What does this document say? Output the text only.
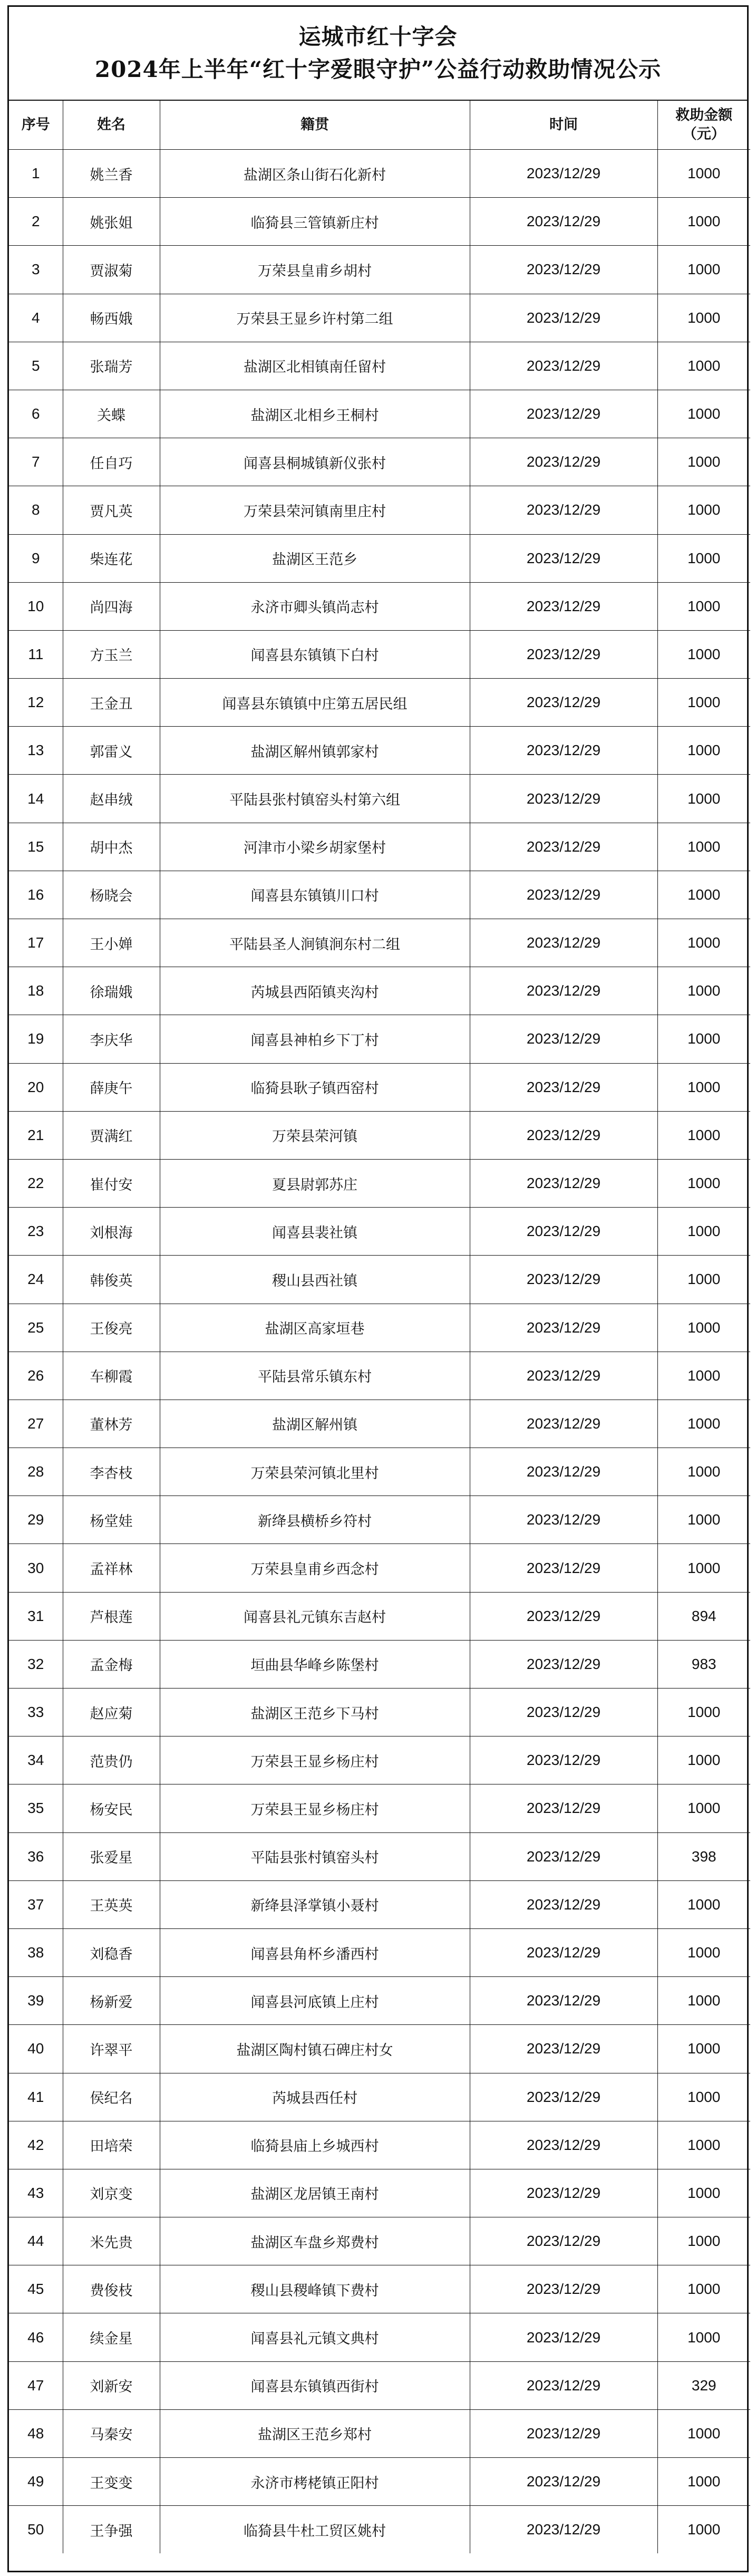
运城市红十字会
2024年上半年“红十字爱眼守护”公益行动救助情况公示
序号	姓名	籍贯	时间	救助金额
（元）
1	姚兰香	盐湖区条山街石化新村	2023/12/29	1000
2	姚张姐	临猗县三管镇新庄村	2023/12/29	1000
3	贾淑菊	万荣县皇甫乡胡村	2023/12/29	1000
4	畅西娥	万荣县王显乡许村第二组	2023/12/29	1000
5	张瑞芳	盐湖区北相镇南任留村	2023/12/29	1000
6	关蝶	盐湖区北相乡王桐村	2023/12/29	1000
7	任自巧	闻喜县桐城镇新仪张村	2023/12/29	1000
8	贾凡英	万荣县荣河镇南里庄村	2023/12/29	1000
9	柴连花	盐湖区王范乡	2023/12/29	1000
10	尚四海	永济市卿头镇尚志村	2023/12/29	1000
11	方玉兰	闻喜县东镇镇下白村	2023/12/29	1000
12	王金丑	闻喜县东镇镇中庄第五居民组	2023/12/29	1000
13	郭雷义	盐湖区解州镇郭家村	2023/12/29	1000
14	赵串绒	平陆县张村镇窑头村第六组	2023/12/29	1000
15	胡中杰	河津市小梁乡胡家堡村	2023/12/29	1000
16	杨晓会	闻喜县东镇镇川口村	2023/12/29	1000
17	王小婵	平陆县圣人涧镇涧东村二组	2023/12/29	1000
18	徐瑞娥	芮城县西陌镇夹沟村	2023/12/29	1000
19	李庆华	闻喜县神柏乡下丁村	2023/12/29	1000
20	薛庚午	临猗县耿子镇西窑村	2023/12/29	1000
21	贾满红	万荣县荣河镇	2023/12/29	1000
22	崔付安	夏县尉郭苏庄	2023/12/29	1000
23	刘根海	闻喜县裴社镇	2023/12/29	1000
24	韩俊英	稷山县西社镇	2023/12/29	1000
25	王俊亮	盐湖区高家垣巷	2023/12/29	1000
26	车柳霞	平陆县常乐镇东村	2023/12/29	1000
27	董林芳	盐湖区解州镇	2023/12/29	1000
28	李杏枝	万荣县荣河镇北里村	2023/12/29	1000
29	杨堂娃	新绛县横桥乡符村	2023/12/29	1000
30	孟祥林	万荣县皇甫乡西念村	2023/12/29	1000
31	芦根莲	闻喜县礼元镇东吉赵村	2023/12/29	894
32	孟金梅	垣曲县华峰乡陈堡村	2023/12/29	983
33	赵应菊	盐湖区王范乡下马村	2023/12/29	1000
34	范贵仍	万荣县王显乡杨庄村	2023/12/29	1000
35	杨安民	万荣县王显乡杨庄村	2023/12/29	1000
36	张爱星	平陆县张村镇窑头村	2023/12/29	398
37	王英英	新绛县泽掌镇小聂村	2023/12/29	1000
38	刘稳香	闻喜县角杯乡潘西村	2023/12/29	1000
39	杨新爱	闻喜县河底镇上庄村	2023/12/29	1000
40	许翠平	盐湖区陶村镇石碑庄村女	2023/12/29	1000
41	侯纪名	芮城县西任村	2023/12/29	1000
42	田培荣	临猗县庙上乡城西村	2023/12/29	1000
43	刘京变	盐湖区龙居镇王南村	2023/12/29	1000
44	米先贵	盐湖区车盘乡郑费村	2023/12/29	1000
45	费俊枝	稷山县稷峰镇下费村	2023/12/29	1000
46	续金星	闻喜县礼元镇文典村	2023/12/29	1000
47	刘新安	闻喜县东镇镇西街村	2023/12/29	329
48	马秦安	盐湖区王范乡郑村	2023/12/29	1000
49	王变变	永济市栲栳镇正阳村	2023/12/29	1000
50	王争强	临猗县牛杜工贸区姚村	2023/12/29	1000
